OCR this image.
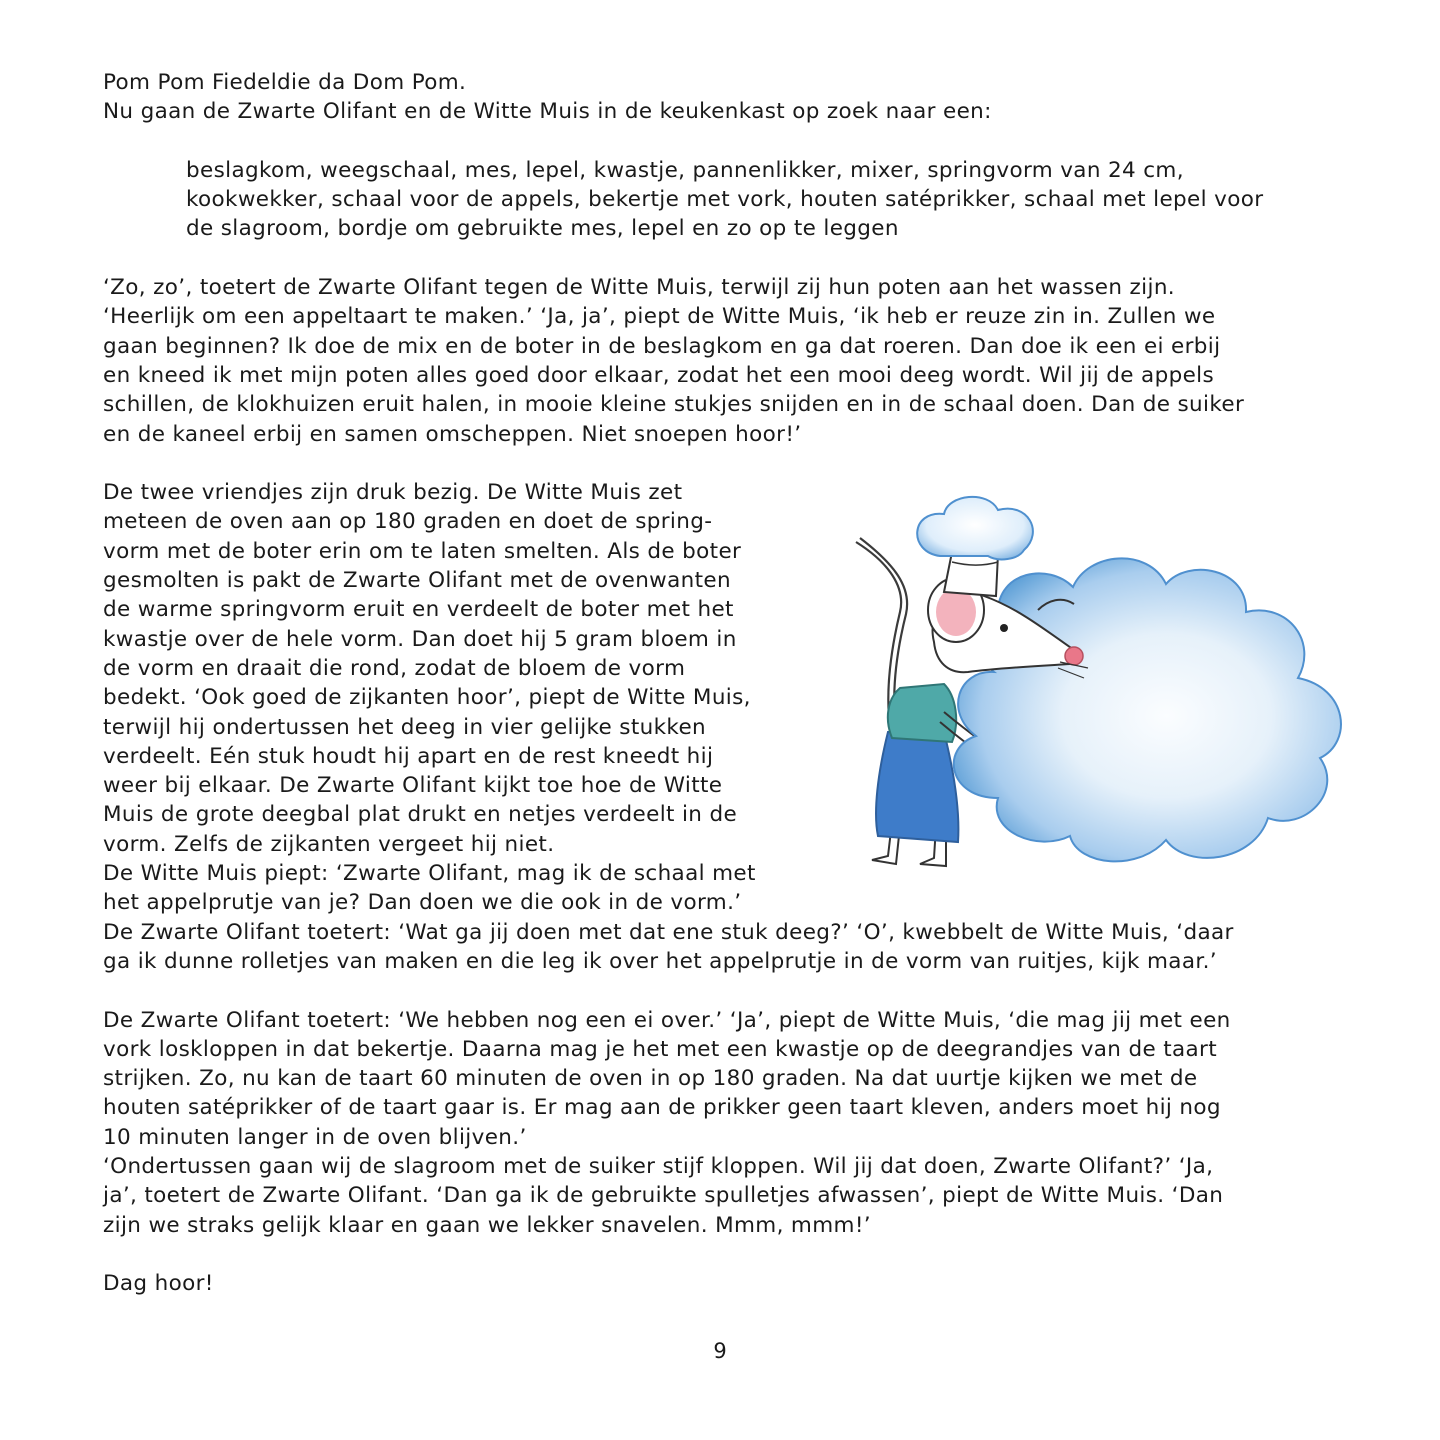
Pom Pom Fiedeldie da Dom Pom.

Nu gaan de Zwarte Olifant en de Witte Muis in de keukenkast op zoek naar een:

beslagkom, weegschaal, mes, lepel, kwastje, pannenlikker, mixer, springvorm van 24 cm,

kookwekker, schaal voor de appels, bekertje met vork, houten satéprikker, schaal met lepel voor

de slagroom, bordje om gebruikte mes, lepel en zo op te leggen

‘Zo, zo’, toetert de Zwarte Olifant tegen de Witte Muis, terwijl zij hun poten aan het wassen zijn.

‘Heerlijk om een appeltaart te maken.’ ‘Ja, ja’, piept de Witte Muis, ‘ik heb er reuze zin in. Zullen we

gaan beginnen? Ik doe de mix en de boter in de beslagkom en ga dat roeren. Dan doe ik een ei erbij

en kneed ik met mijn poten alles goed door elkaar, zodat het een mooi deeg wordt. Wil jij de appels

schillen, de klokhuizen eruit halen, in mooie kleine stukjes snijden en in de schaal doen. Dan de suiker

en de kaneel erbij en samen omscheppen. Niet snoepen hoor!’

De twee vriendjes zijn druk bezig. De Witte Muis zet

meteen de oven aan op 180 graden en doet de spring-

vorm met de boter erin om te laten smelten. Als de boter

gesmolten is pakt de Zwarte Olifant met de ovenwanten

de warme springvorm eruit en verdeelt de boter met het

kwastje over de hele vorm. Dan doet hij 5 gram bloem in

de vorm en draait die rond, zodat de bloem de vorm

bedekt. ‘Ook goed de zijkanten hoor’, piept de Witte Muis,

terwijl hij ondertussen het deeg in vier gelijke stukken

verdeelt. Eén stuk houdt hij apart en de rest kneedt hij

weer bij elkaar. De Zwarte Olifant kijkt toe hoe de Witte

Muis de grote deegbal plat drukt en netjes verdeelt in de

vorm. Zelfs de zijkanten vergeet hij niet.

De Witte Muis piept: ‘Zwarte Olifant, mag ik de schaal met

het appelprutje van je? Dan doen we die ook in de vorm.’

De Zwarte Olifant toetert: ‘Wat ga jij doen met dat ene stuk deeg?’ ‘O’, kwebbelt de Witte Muis, ‘daar

ga ik dunne rolletjes van maken en die leg ik over het appelprutje in de vorm van ruitjes, kijk maar.’

De Zwarte Olifant toetert: ‘We hebben nog een ei over.’ ‘Ja’, piept de Witte Muis, ‘die mag jij met een

vork loskloppen in dat bekertje. Daarna mag je het met een kwastje op de deegrandjes van de taart

strijken. Zo, nu kan de taart 60 minuten de oven in op 180 graden. Na dat uurtje kijken we met de

houten satéprikker of de taart gaar is. Er mag aan de prikker geen taart kleven, anders moet hij nog

10 minuten langer in de oven blijven.’

‘Ondertussen gaan wij de slagroom met de suiker stijf kloppen. Wil jij dat doen, Zwarte Olifant?’ ‘Ja,

ja’, toetert de Zwarte Olifant. ‘Dan ga ik de gebruikte spulletjes afwassen’, piept de Witte Muis. ‘Dan

zijn we straks gelijk klaar en gaan we lekker snavelen. Mmm, mmm!’

Dag hoor!

9
